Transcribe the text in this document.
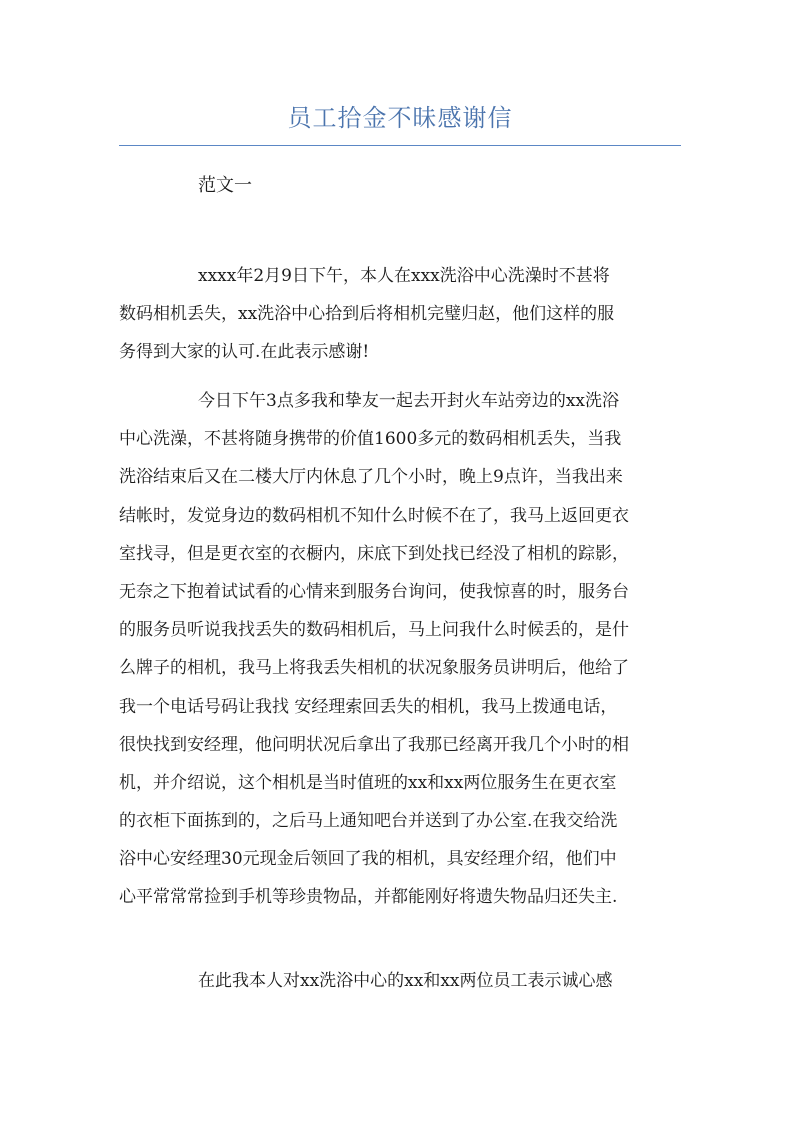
员工拾金不昧感谢信
范文一
xxxx年2月9日下午，本人在xxx洗浴中心洗澡时不甚将
数码相机丢失，xx洗浴中心拾到后将相机完璧归赵，他们这样的服
务得到大家的认可.在此表示感谢!
今日下午3点多我和挚友一起去开封火车站旁边的xx洗浴
中心洗澡，不甚将随身携带的价值1600多元的数码相机丢失，当我
洗浴结束后又在二楼大厅内休息了几个小时，晚上9点许，当我出来
结帐时，发觉身边的数码相机不知什么时候不在了，我马上返回更衣
室找寻，但是更衣室的衣橱内，床底下到处找已经没了相机的踪影，
无奈之下抱着试试看的心情来到服务台询问，使我惊喜的时，服务台
的服务员听说我找丢失的数码相机后，马上问我什么时候丢的，是什
么牌子的相机，我马上将我丢失相机的状况象服务员讲明后，他给了
我一个电话号码让我找 安经理索回丢失的相机，我马上拨通电话，
很快找到安经理，他问明状况后拿出了我那已经离开我几个小时的相
机，并介绍说，这个相机是当时值班的xx和xx两位服务生在更衣室
的衣柜下面拣到的，之后马上通知吧台并送到了办公室.在我交给洗
浴中心安经理30元现金后领回了我的相机，具安经理介绍，他们中
心平常常常捡到手机等珍贵物品，并都能刚好将遗失物品归还失主.
在此我本人对xx洗浴中心的xx和xx两位员工表示诚心感
